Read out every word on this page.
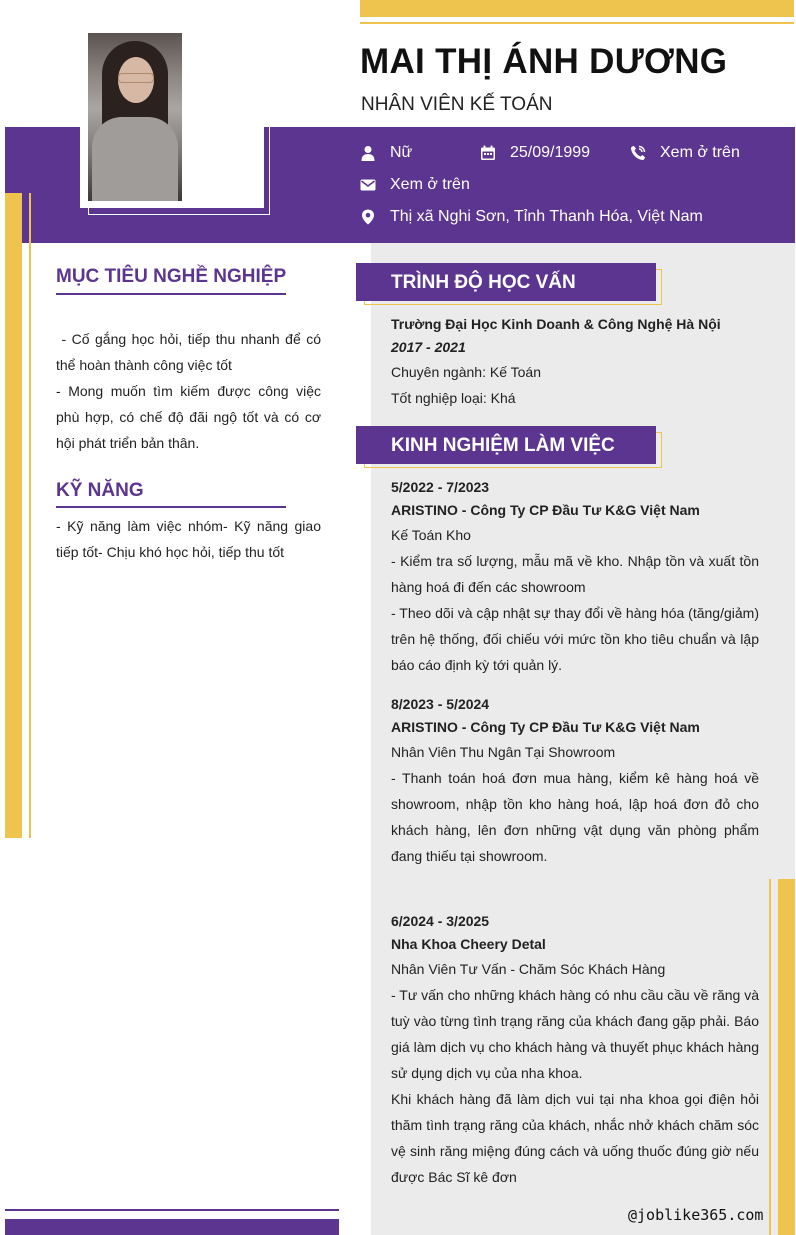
MAI THỊ ÁNH DƯƠNG
NHÂN VIÊN KẾ TOÁN
Nữ	25/09/1999	Xem ở trên
Xem ở trên
Thị xã Nghi Sơn, Tỉnh Thanh Hóa, Việt Nam
MỤC TIÊU NGHỀ NGHIỆP
- Cố gắng học hỏi, tiếp thu nhanh để có thể hoàn thành công việc tốt
- Mong muốn tìm kiếm được công việc phù hợp, có chế độ đãi ngộ tốt và có cơ hội phát triển bản thân.
KỸ NĂNG
- Kỹ năng làm việc nhóm- Kỹ năng giao tiếp tốt- Chịu khó học hỏi, tiếp thu tốt
TRÌNH ĐỘ HỌC VẤN
Trường Đại Học Kinh Doanh & Công Nghệ Hà Nội
2017 - 2021
Chuyên ngành: Kế Toán
Tốt nghiệp loại: Khá
KINH NGHIỆM LÀM VIỆC
5/2022 - 7/2023
ARISTINO - Công Ty CP Đầu Tư K&G Việt Nam
Kế Toán Kho
- Kiểm tra số lượng, mẫu mã về kho. Nhập tồn và xuất tồn hàng hoá đi đến các showroom
- Theo dõi và cập nhật sự thay đổi về hàng hóa (tăng/giảm) trên hệ thống, đối chiếu với mức tồn kho tiêu chuẩn và lập báo cáo định kỳ tới quản lý.
8/2023 - 5/2024
ARISTINO - Công Ty CP Đầu Tư K&G Việt Nam
Nhân Viên Thu Ngân Tại Showroom
- Thanh toán hoá đơn mua hàng, kiểm kê hàng hoá về showroom, nhập tồn kho hàng hoá, lập hoá đơn đỏ cho khách hàng, lên đơn những vật dụng văn phòng phẩm đang thiếu tại showroom.
6/2024 - 3/2025
Nha Khoa Cheery Detal
Nhân Viên Tư Vấn - Chăm Sóc Khách Hàng
- Tư vấn cho những khách hàng có nhu cầu cầu về răng và tuỳ vào từng tình trạng răng của khách đang gặp phải. Báo giá làm dịch vụ cho khách hàng và thuyết phục khách hàng sử dụng dịch vụ của nha khoa.
Khi khách hàng đã làm dịch vui tại nha khoa gọi điện hỏi thăm tình trạng răng của khách, nhắc nhở khách chăm sóc vệ sinh răng miệng đúng cách và uống thuốc đúng giờ nếu được Bác Sĩ kê đơn
@joblike365.com
